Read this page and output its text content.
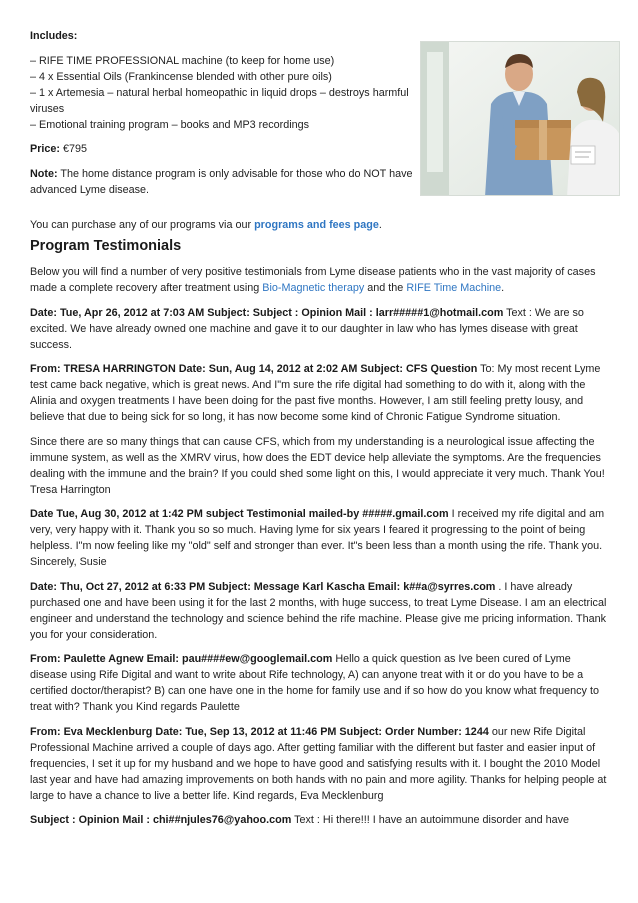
Includes:

– RIFE TIME PROFESSIONAL machine (to keep for home use)
– 4 x Essential Oils (Frankincense blended with other pure oils)
– 1 x Artemesia – natural herbal homeopathic in liquid drops – destroys harmful viruses
– Emotional training program – books and MP3 recordings

Price: €795

Note: The home distance program is only advisable for those who do NOT have advanced Lyme disease.

You can purchase any of our programs via our programs and fees page.

Program Testimonials

Below you will find a number of very positive testimonials from Lyme disease patients who in the vast majority of cases made a complete recovery after treatment using Bio-Magnetic therapy and the RIFE Time Machine.

Date: Tue, Apr 26, 2012 at 7:03 AM Subject: Subject : Opinion Mail : larr#####1@hotmail.com Text : We are so excited. We have already owned one machine and gave it to our daughter in law who has lymes disease with great success.

From: TRESA HARRINGTON Date: Sun, Aug 14, 2012 at 2:02 AM Subject: CFS Question To: My most recent Lyme test came back negative, which is great news. And I"m sure the rife digital had something to do with it, along with the Alinia and oxygen treatments I have been doing for the past five months. However, I am still feeling pretty lousy, and believe that due to being sick for so long, it has now become some kind of Chronic Fatigue Syndrome situation.

Since there are so many things that can cause CFS, which from my understanding is a neurological issue affecting the immune system, as well as the XMRV virus, how does the EDT device help alleviate the symptoms. Are the frequencies dealing with the immune and the brain? If you could shed some light on this, I would appreciate it very much. Thank You! Tresa Harrington

Date Tue, Aug 30, 2012 at 1:42 PM subject Testimonial mailed-by #####.gmail.com I received my rife digital and am very, very happy with it. Thank you so so much. Having lyme for six years I feared it progressing to the point of being helpless. I"m now feeling like my "old" self and stronger than ever. It"s been less than a month using the rife. Thank you. Sincerely, Susie

Date: Thu, Oct 27, 2012 at 6:33 PM Subject: Message Karl Kascha Email: k##a@syrres.com . I have already purchased one and have been using it for the last 2 months, with huge success, to treat Lyme Disease. I am an electrical engineer and understand the technology and science behind the rife machine. Please give me pricing information. Thank you for your consideration.

From: Paulette Agnew Email: pau####ew@googlemail.com Hello a quick question as Ive been cured of Lyme disease using Rife Digital and want to write about Rife technology, A) can anyone treat with it or do you have to be a certified doctor/therapist? B) can one have one in the home for family use and if so how do you know what frequency to treat with? Thank you Kind regards Paulette

From: Eva Mecklenburg Date: Tue, Sep 13, 2012 at 11:46 PM Subject: Order Number: 1244 our new Rife Digital Professional Machine arrived a couple of days ago. After getting familiar with the different but faster and easier input of frequencies, I set it up for my husband and we hope to have good and satisfying results with it. I bought the 2010 Model last year and have had amazing improvements on both hands with no pain and more agility. Thanks for helping people at large to have a chance to live a better life. Kind regards, Eva Mecklenburg

Subject : Opinion Mail : chi##njules76@yahoo.com Text : Hi there!!! I have an autoimmune disorder and have
